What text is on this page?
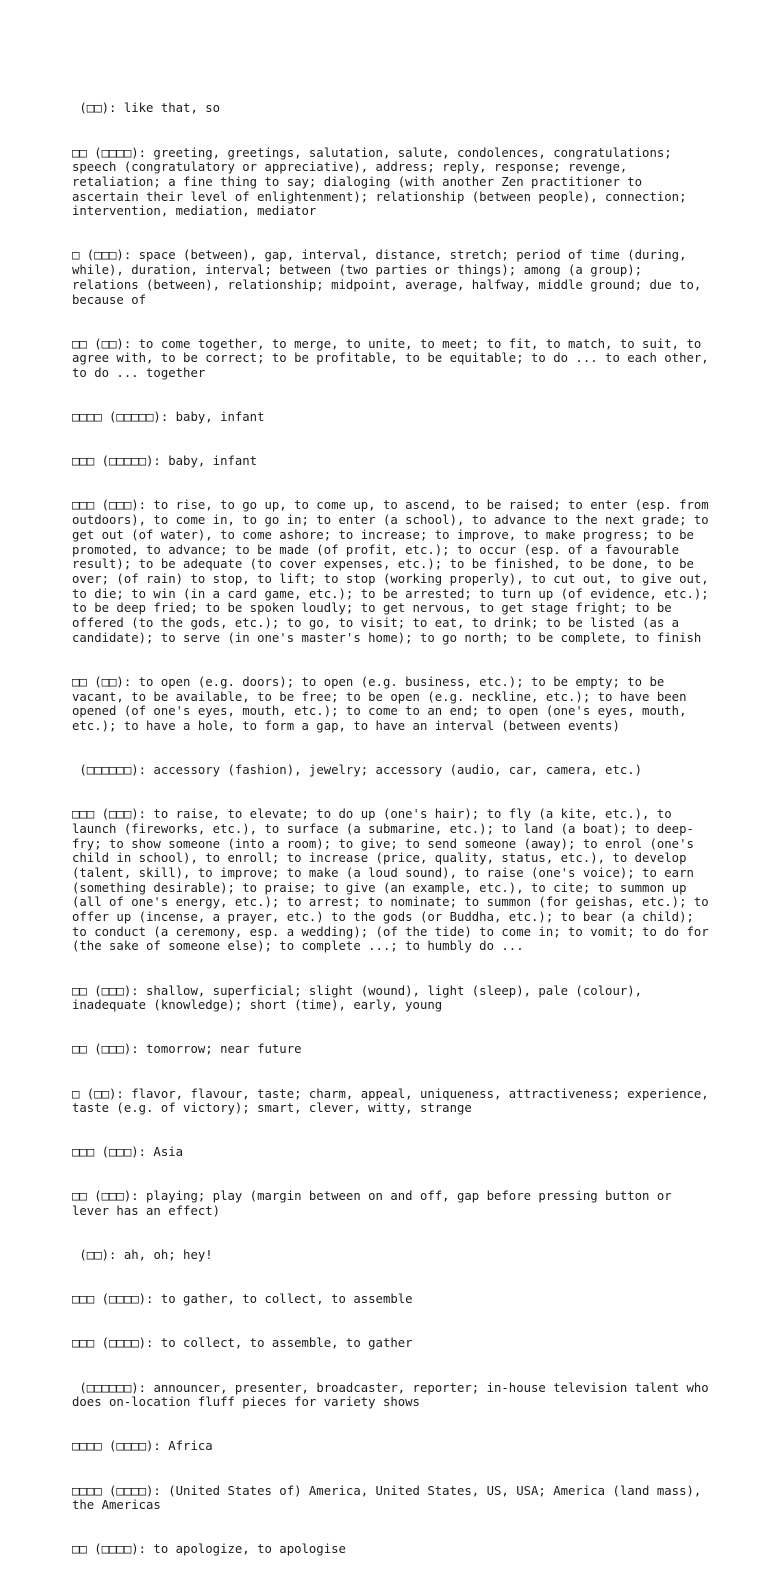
(□□): like that, so

□□ (□□□□): greeting, greetings, salutation, salute, condolences, congratulations; speech (congratulatory or appreciative), address; reply, response; revenge, retaliation; a fine thing to say; dialoging (with another Zen practitioner to ascertain their level of enlightenment); relationship (between people), connection; intervention, mediation, mediator

□ (□□□): space (between), gap, interval, distance, stretch; period of time (during, while), duration, interval; between (two parties or things); among (a group); relations (between), relationship; midpoint, average, halfway, middle ground; due to, because of

□□ (□□): to come together, to merge, to unite, to meet; to fit, to match, to suit, to agree with, to be correct; to be profitable, to be equitable; to do ... to each other, to do ... together

□□□□ (□□□□□): baby, infant

□□□ (□□□□□): baby, infant

□□□ (□□□): to rise, to go up, to come up, to ascend, to be raised; to enter (esp. from outdoors), to come in, to go in; to enter (a school), to advance to the next grade; to get out (of water), to come ashore; to increase; to improve, to make progress; to be promoted, to advance; to be made (of profit, etc.); to occur (esp. of a favourable result); to be adequate (to cover expenses, etc.); to be finished, to be done, to be over; (of rain) to stop, to lift; to stop (working properly), to cut out, to give out, to die; to win (in a card game, etc.); to be arrested; to turn up (of evidence, etc.); to be deep fried; to be spoken loudly; to get nervous, to get stage fright; to be offered (to the gods, etc.); to go, to visit; to eat, to drink; to be listed (as a candidate); to serve (in one's master's home); to go north; to be complete, to finish

□□ (□□): to open (e.g. doors); to open (e.g. business, etc.); to be empty; to be vacant, to be available, to be free; to be open (e.g. neckline, etc.); to have been opened (of one's eyes, mouth, etc.); to come to an end; to open (one's eyes, mouth, etc.); to have a hole, to form a gap, to have an interval (between events)

(□□□□□□): accessory (fashion), jewelry; accessory (audio, car, camera, etc.)

□□□ (□□□): to raise, to elevate; to do up (one's hair); to fly (a kite, etc.), to launch (fireworks, etc.), to surface (a submarine, etc.); to land (a boat); to deep-fry; to show someone (into a room); to give; to send someone (away); to enrol (one's child in school), to enroll; to increase (price, quality, status, etc.), to develop (talent, skill), to improve; to make (a loud sound), to raise (one's voice); to earn (something desirable); to praise; to give (an example, etc.), to cite; to summon up (all of one's energy, etc.); to arrest; to nominate; to summon (for geishas, etc.); to offer up (incense, a prayer, etc.) to the gods (or Buddha, etc.); to bear (a child); to conduct (a ceremony, esp. a wedding); (of the tide) to come in; to vomit; to do for (the sake of someone else); to complete ...; to humbly do ...

□□ (□□□): shallow, superficial; slight (wound), light (sleep), pale (colour), inadequate (knowledge); short (time), early, young

□□ (□□□): tomorrow; near future

□ (□□): flavor, flavour, taste; charm, appeal, uniqueness, attractiveness; experience, taste (e.g. of victory); smart, clever, witty, strange

□□□ (□□□): Asia

□□ (□□□): playing; play (margin between on and off, gap before pressing button or lever has an effect)

(□□): ah, oh; hey!

□□□ (□□□□): to gather, to collect, to assemble

□□□ (□□□□): to collect, to assemble, to gather

(□□□□□□): announcer, presenter, broadcaster, reporter; in-house television talent who does on-location fluff pieces for variety shows

□□□□ (□□□□): Africa

□□□□ (□□□□): (United States of) America, United States, US, USA; America (land mass), the Americas

□□ (□□□□): to apologize, to apologise
